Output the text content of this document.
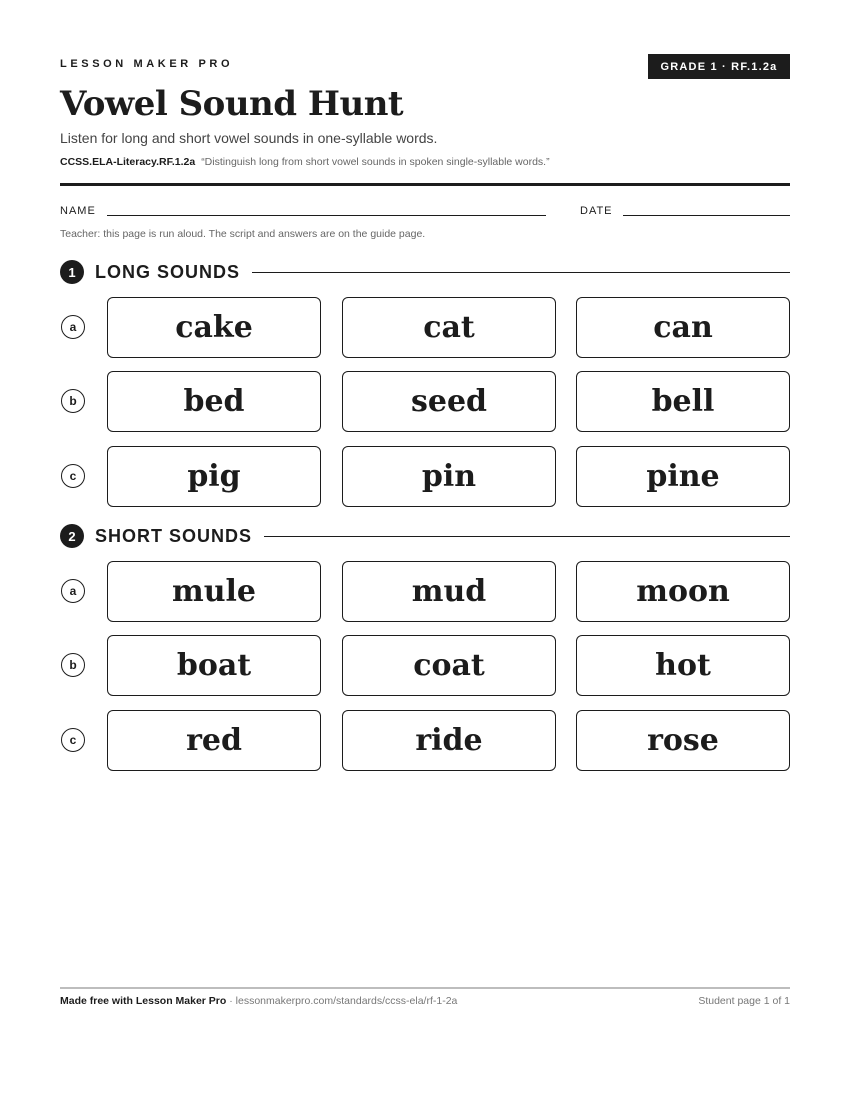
LESSON MAKER PRO	GRADE 1 · RF.1.2a
Vowel Sound Hunt
Listen for long and short vowel sounds in one-syllable words.
CCSS.ELA-Literacy.RF.1.2a “Distinguish long from short vowel sounds in spoken single-syllable words.”
NAME	DATE
Teacher: this page is run aloud. The script and answers are on the guide page.
1	LONG SOUNDS
a	cake	cat	can
b	bed	seed	bell
c	pig	pin	pine
2	SHORT SOUNDS
a	mule	mud	moon
b	boat	coat	hot
c	red	ride	rose
Made free with Lesson Maker Pro · lessonmakerpro.com/standards/ccss-ela/rf-1-2a	Student page 1 of 1
